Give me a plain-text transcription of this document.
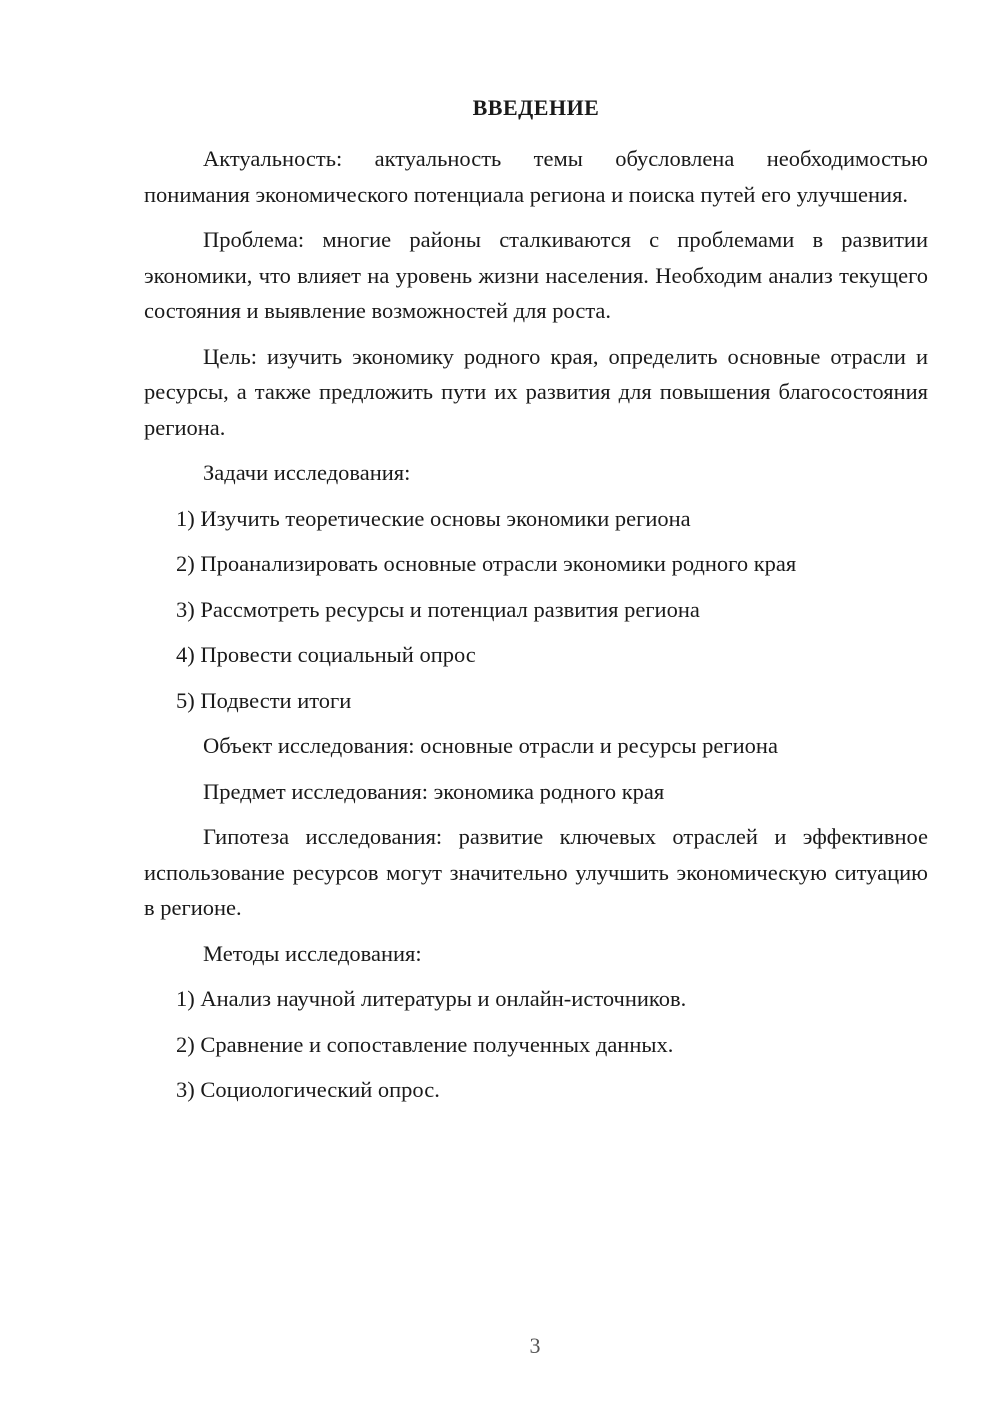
ВВЕДЕНИЕ

Актуальность: актуальность темы обусловлена необходимостью понимания экономического потенциала региона и поиска путей его улучшения.

Проблема: многие районы сталкиваются с проблемами в развитии экономики, что влияет на уровень жизни населения. Необходим анализ текущего состояния и выявление возможностей для роста.

Цель: изучить экономику родного края, определить основные отрасли и ресурсы, а также предложить пути их развития для повышения благосостояния региона.

Задачи исследования:
1) Изучить теоретические основы экономики региона
2) Проанализировать основные отрасли экономики родного края
3) Рассмотреть ресурсы и потенциал развития региона
4) Провести социальный опрос
5) Подвести итоги
Объект исследования: основные отрасли и ресурсы региона
Предмет исследования: экономика родного края

Гипотеза исследования: развитие ключевых отраслей и эффективное использование ресурсов могут значительно улучшить экономическую ситуацию в регионе.

Методы исследования:
1) Анализ научной литературы и онлайн-источников.
2) Сравнение и сопоставление полученных данных.
3) Социологический опрос.
3
